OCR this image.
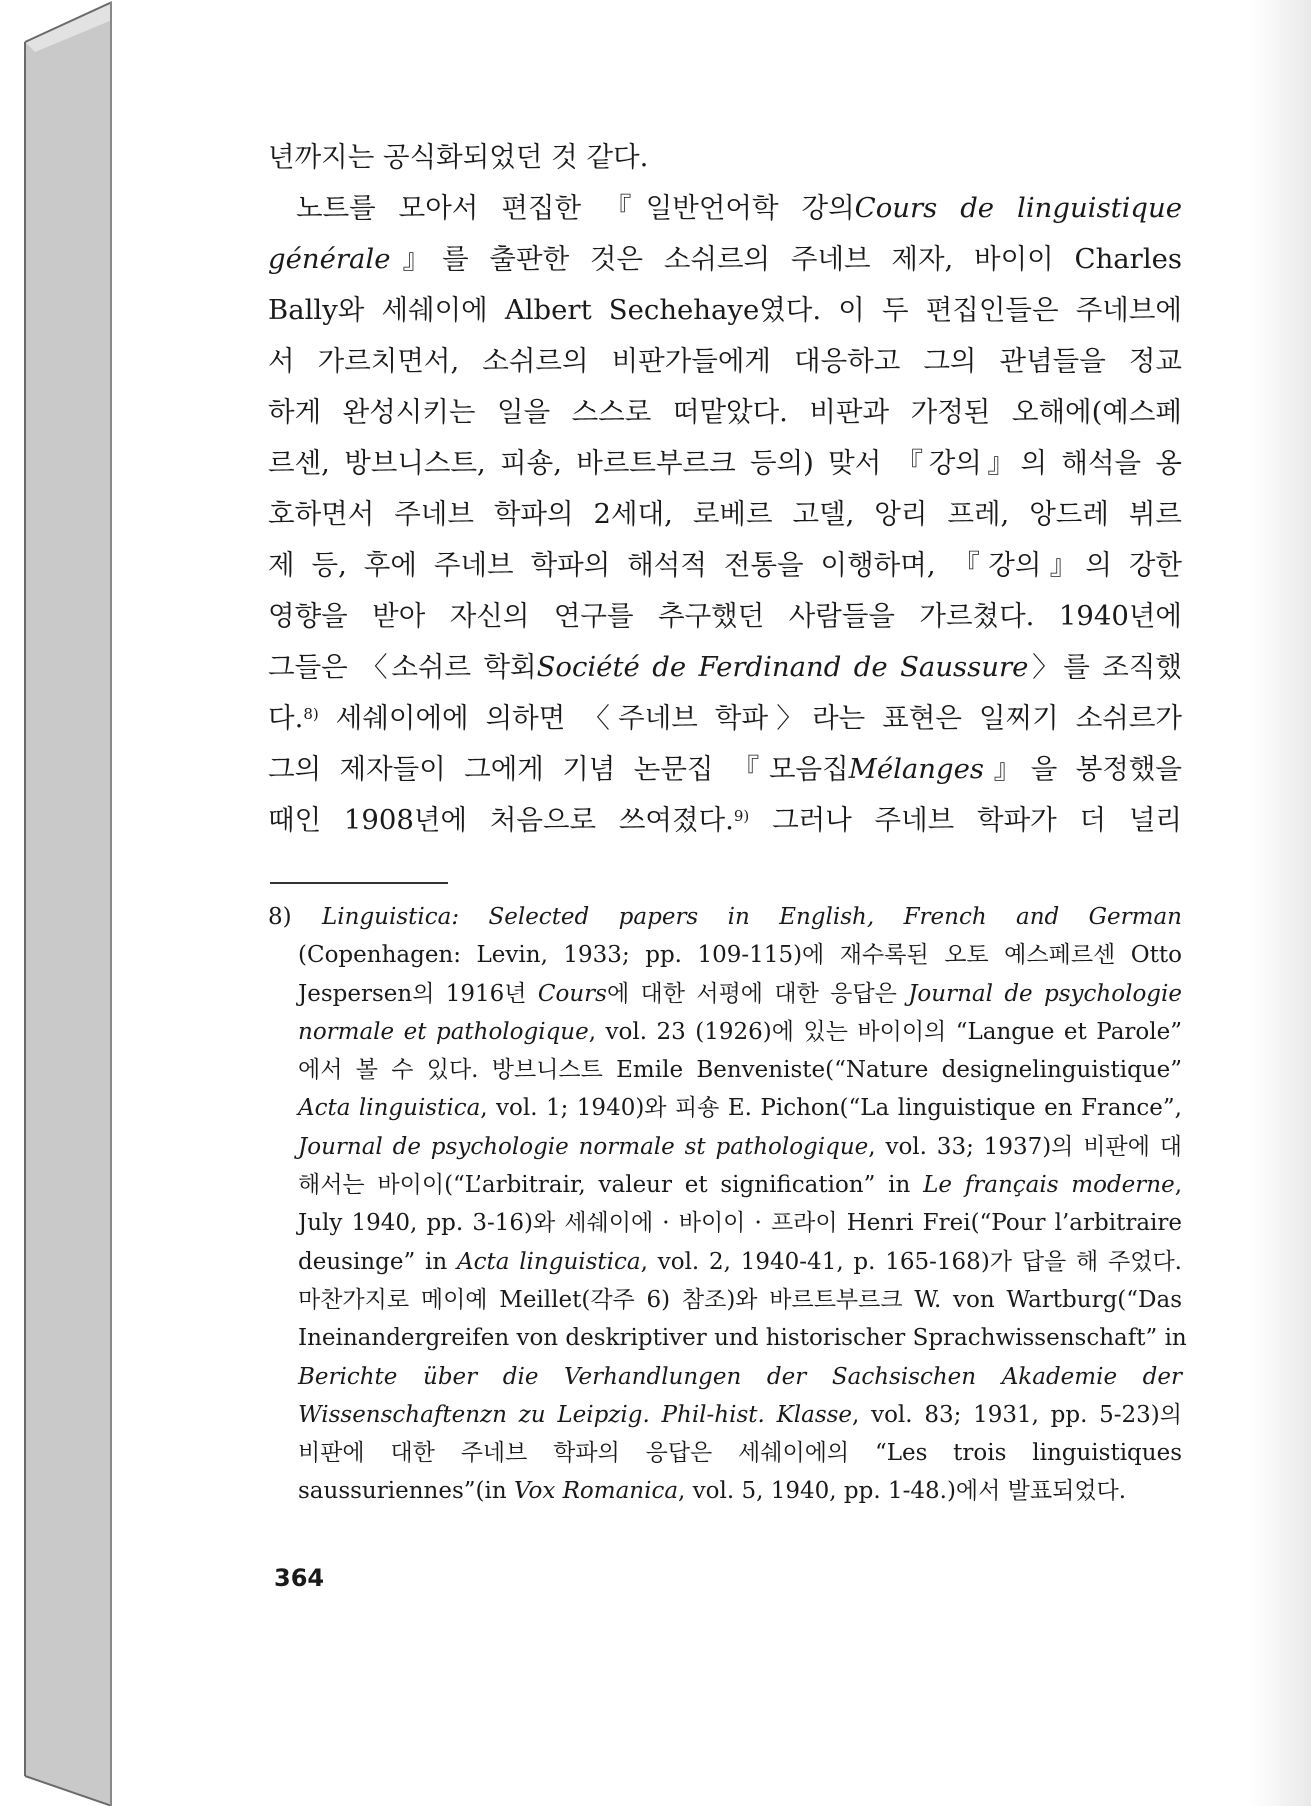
년까지는 공식화되었던 것 같다.
노트를 모아서 편집한 『일반언어학 강의Cours de linguistique
générale』를 출판한 것은 소쉬르의 주네브 제자, 바이이 Charles
Bally와 세쉐이에 Albert Sechehaye였다. 이 두 편집인들은 주네브에
서 가르치면서, 소쉬르의 비판가들에게 대응하고 그의 관념들을 정교
하게 완성시키는 일을 스스로 떠맡았다. 비판과 가정된 오해에(예스페
르센, 방브니스트, 피숑, 바르트부르크 등의) 맞서 『강의』의 해석을 옹
호하면서 주네브 학파의 2세대, 로베르 고델, 앙리 프레, 앙드레 뷔르
제 등, 후에 주네브 학파의 해석적 전통을 이행하며, 『강의』의 강한
영향을 받아 자신의 연구를 추구했던 사람들을 가르쳤다. 1940년에
그들은 〈소쉬르 학회Société de Ferdinand de Saussure〉를 조직했
다.$^{8)}$ 세쉐이에에 의하면 〈주네브 학파〉라는 표현은 일찌기 소쉬르가
그의 제자들이 그에게 기념 논문집 『모음집Mélanges』을 봉정했을
때인 1908년에 처음으로 쓰여졌다.$^{9)}$ 그러나 주네브 학파가 더 널리
8) Linguistica: Selected papers in English, French and German
(Copenhagen: Levin, 1933; pp. 109-115)에 재수록된 오토 예스페르센 Otto
Jespersen의 1916년 Cours에 대한 서평에 대한 응답은 Journal de psychologie
normale et pathologique, vol. 23 (1926)에 있는 바이이의 “Langue et Parole”
에서 볼 수 있다. 방브니스트 Emile Benveniste(“Nature designelinguistique”
Acta linguistica, vol. 1; 1940)와 피숑 E. Pichon(“La linguistique en France”,
Journal de psychologie normale st pathologique, vol. 33; 1937)의 비판에 대
해서는 바이이(“L’arbitrair, valeur et signification” in Le français moderne,
July 1940, pp. 3-16)와 세쉐이에 · 바이이 · 프라이 Henri Frei(“Pour l’arbitraire
deusinge” in Acta linguistica, vol. 2, 1940-41, p. 165-168)가 답을 해 주었다.
마찬가지로 메이예 Meillet(각주 6) 참조)와 바르트부르크 W. von Wartburg(“Das
Ineinandergreifen von deskriptiver und historischer Sprachwissenschaft” in
Berichte über die Verhandlungen der Sachsischen Akademie der
Wissenschaftenzn zu Leipzig. Phil-hist. Klasse, vol. 83; 1931, pp. 5-23)의
비판에 대한 주네브 학파의 응답은 세쉐이에의 “Les trois linguistiques
saussuriennes”(in Vox Romanica, vol. 5, 1940, pp. 1-48.)에서 발표되었다.
364
